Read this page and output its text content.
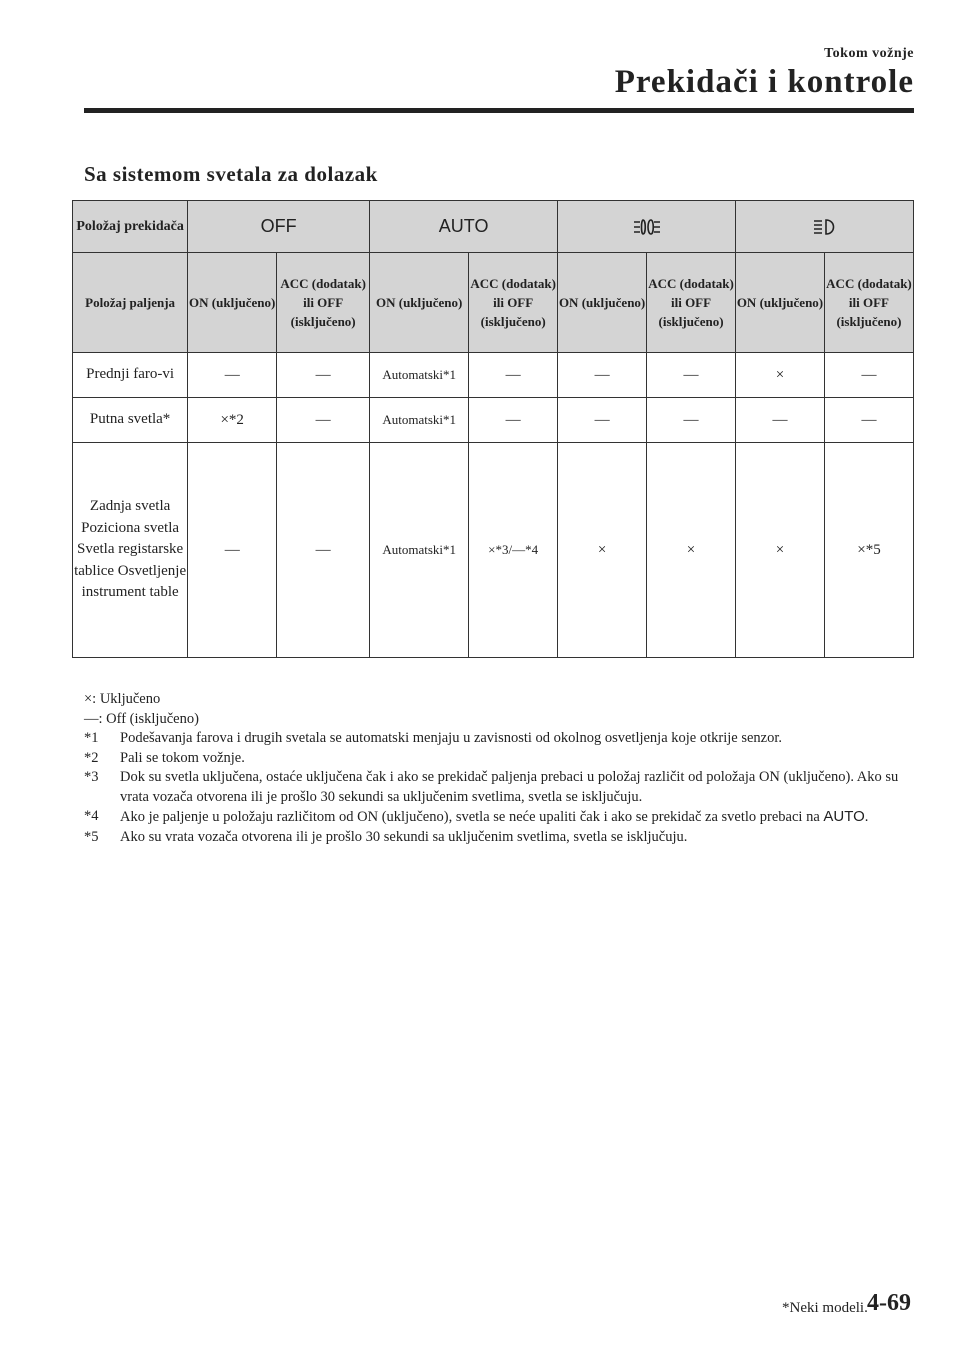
Tokom vožnje
Prekidači i kontrole
Sa sistemom svetala za dolazak
Položaj prekidača	OFF		AUTO	

Položaj paljenja	ON (uključeno)	ACC (dodatak) ili OFF (isključeno)	ON (uključeno)	ACC (dodatak) ili OFF (isključeno)	ON (uključeno)	ACC (dodatak) ili OFF (isključeno)	ON (uključeno)	ACC (dodatak) ili OFF (isključeno)
Prednji faro-vi	—	—	Automatski*1	—	—	—	×	—
Putna svetla*	×*2	—	Automatski*1	—	—	—	—	—
Zadnja svetla Poziciona svetla Svetla registarske tablice Osvetljenje instrument table	—	—	Automatski*1	×*3/—*4	×	×	×	×*5
×: Uključeno
—: Off (isključeno)
*1	Podešavanja farova i drugih svetala se automatski menjaju u zavisnosti od okolnog osvetljenja koje otkrije senzor.
*2	Pali se tokom vožnje.
*3	Dok su svetla uključena, ostaće uključena čak i ako se prekidač paljenja prebaci u položaj različit od položaja ON (uključeno). Ako su vrata vozača otvorena ili je prošlo 30 sekundi sa uključenim svetlima, svetla se isključuju.
*4	Ako je paljenje u položaju različitom od ON (uključeno), svetla se neće upaliti čak i ako se prekidač za svetlo prebaci na AUTO.
*5	Ako su vrata vozača otvorena ili je prošlo 30 sekundi sa uključenim svetlima, svetla se isključuju.
*Neki modeli. 4-69
